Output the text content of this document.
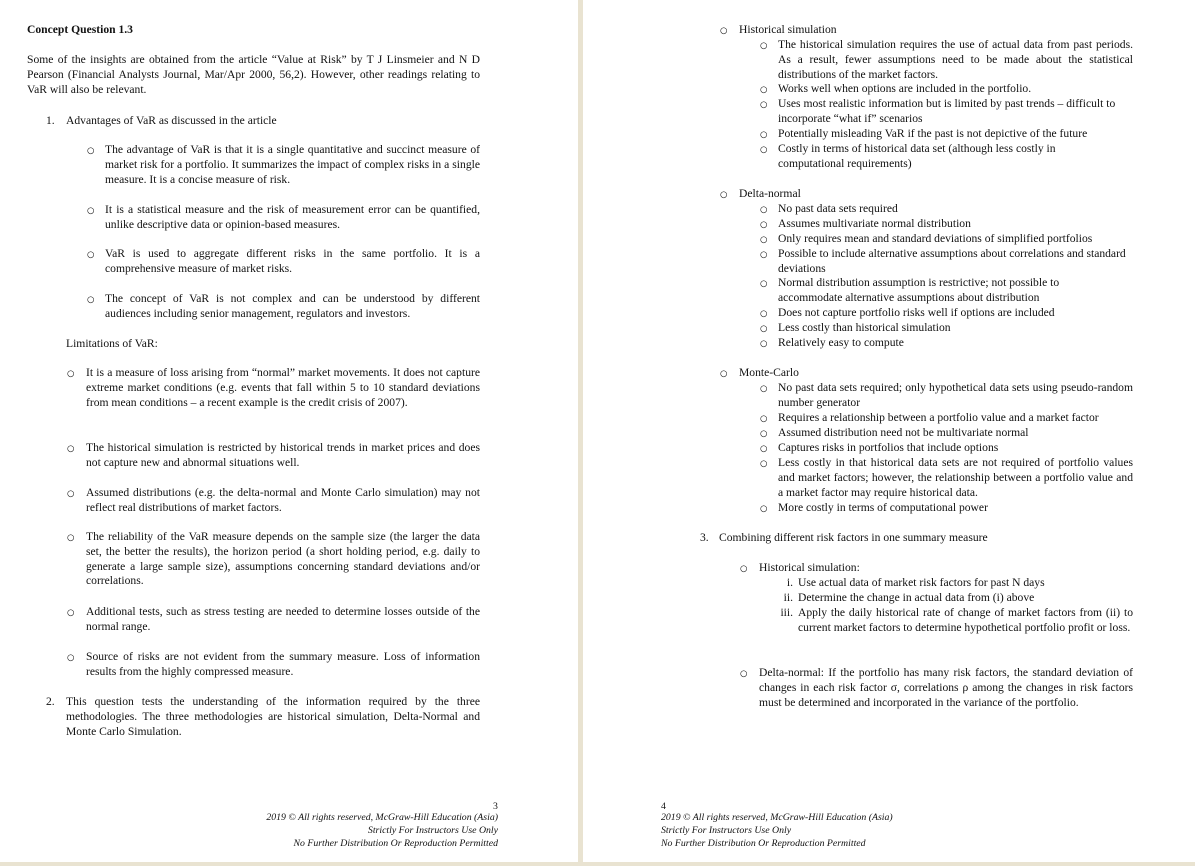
Concept Question 1.3
Some of the insights are obtained from the article “Value at Risk” by T J Linsmeier and N D Pearson (Financial Analysts Journal, Mar/Apr 2000, 56,2). However, other readings relating to VaR will also be relevant.
1. Advantages of VaR as discussed in the article
○ The advantage of VaR is that it is a single quantitative and succinct measure of market risk for a portfolio. It summarizes the impact of complex risks in a single measure. It is a concise measure of risk.
○ It is a statistical measure and the risk of measurement error can be quantified, unlike descriptive data or opinion-based measures.
○ VaR is used to aggregate different risks in the same portfolio. It is a comprehensive measure of market risks.
○ The concept of VaR is not complex and can be understood by different audiences including senior management, regulators and investors.
Limitations of VaR:
○ It is a measure of loss arising from “normal” market movements. It does not capture extreme market conditions (e.g. events that fall within 5 to 10 standard deviations from mean conditions – a recent example is the credit crisis of 2007).
○ The historical simulation is restricted by historical trends in market prices and does not capture new and abnormal situations well.
○ Assumed distributions (e.g. the delta-normal and Monte Carlo simulation) may not reflect real distributions of market factors.
○ The reliability of the VaR measure depends on the sample size (the larger the data set, the better the results), the horizon period (a short holding period, e.g. daily to generate a large sample size), assumptions concerning standard deviations and/or correlations.
○ Additional tests, such as stress testing are needed to determine losses outside of the normal range.
○ Source of risks are not evident from the summary measure. Loss of information results from the highly compressed measure.
2. This question tests the understanding of the information required by the three methodologies. The three methodologies are historical simulation, Delta-Normal and Monte Carlo Simulation.
3
2019 © All rights reserved, McGraw-Hill Education (Asia)
Strictly For Instructors Use Only
No Further Distribution Or Reproduction Permitted
○ Historical simulation
○ The historical simulation requires the use of actual data from past periods. As a result, fewer assumptions need to be made about the statistical distributions of the market factors.
○ Works well when options are included in the portfolio.
○ Uses most realistic information but is limited by past trends – difficult to incorporate “what if” scenarios
○ Potentially misleading VaR if the past is not depictive of the future
○ Costly in terms of historical data set (although less costly in computational requirements)
○ Delta-normal
○ No past data sets required
○ Assumes multivariate normal distribution
○ Only requires mean and standard deviations of simplified portfolios
○ Possible to include alternative assumptions about correlations and standard deviations
○ Normal distribution assumption is restrictive; not possible to accommodate alternative assumptions about distribution
○ Does not capture portfolio risks well if options are included
○ Less costly than historical simulation
○ Relatively easy to compute
○ Monte-Carlo
○ No past data sets required; only hypothetical data sets using pseudo-random number generator
○ Requires a relationship between a portfolio value and a market factor
○ Assumed distribution need not be multivariate normal
○ Captures risks in portfolios that include options
○ Less costly in that historical data sets are not required of portfolio values and market factors; however, the relationship between a portfolio value and a market factor may require historical data.
○ More costly in terms of computational power
3. Combining different risk factors in one summary measure
○ Historical simulation:
i. Use actual data of market risk factors for past N days
ii. Determine the change in actual data from (i) above
iii. Apply the daily historical rate of change of market factors from (ii) to current market factors to determine hypothetical portfolio profit or loss.
○ Delta-normal: If the portfolio has many risk factors, the standard deviation of changes in each risk factor σ, correlations ρ among the changes in risk factors must be determined and incorporated in the variance of the portfolio.
4
2019 © All rights reserved, McGraw-Hill Education (Asia)
Strictly For Instructors Use Only
No Further Distribution Or Reproduction Permitted
